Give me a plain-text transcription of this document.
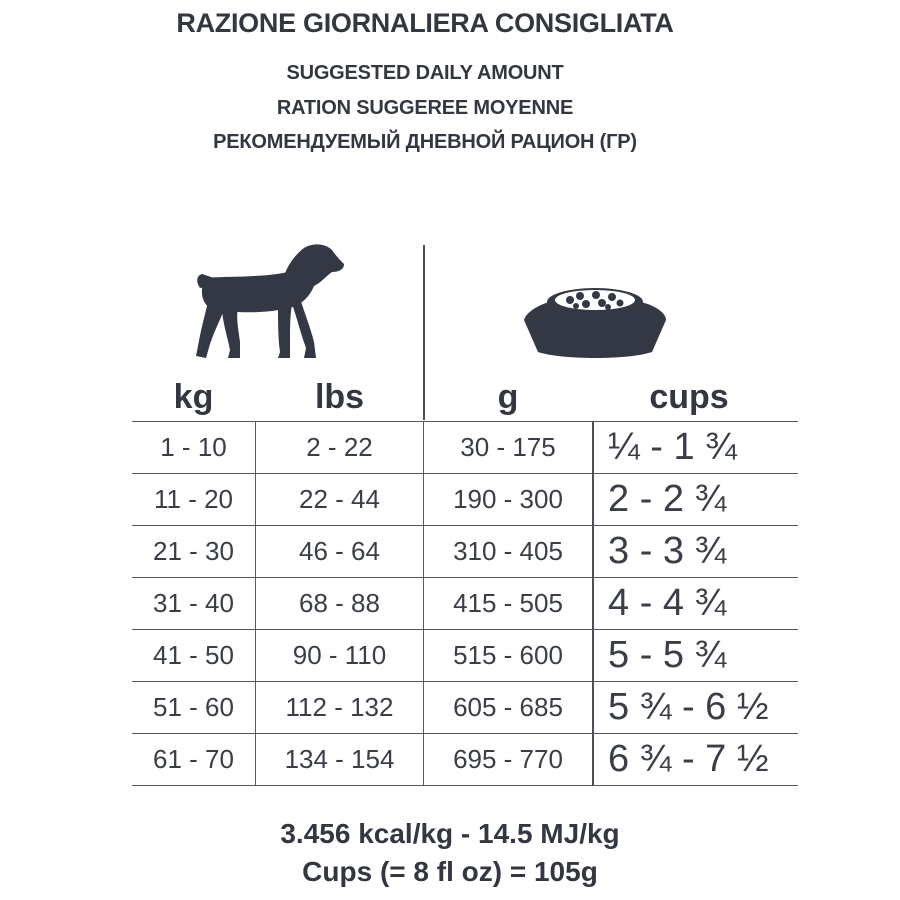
RAZIONE GIORNALIERA CONSIGLIATA
SUGGESTED DAILY AMOUNT
RATION SUGGEREE MOYENNE
РЕКОМЕНДУЕМЫЙ ДНЕВНОЙ РАЦИОН (ГР)
kg	lbs	g	cups
1 - 10	2 - 22	30 - 175	¼ - 1 ¾
11 - 20	22 - 44	190 - 300	2 - 2 ¾
21 - 30	46 - 64	310 - 405	3 - 3 ¾
31 - 40	68 - 88	415 - 505	4 - 4 ¾
41 - 50	90 - 110	515 - 600	5 - 5 ¾
51 - 60	112 - 132	605 - 685	5 ¾ - 6 ½
61 - 70	134 - 154	695 - 770	6 ¾ - 7 ½
3.456 kcal/kg - 14.5 MJ/kg
Cups (= 8 fl oz) = 105g
